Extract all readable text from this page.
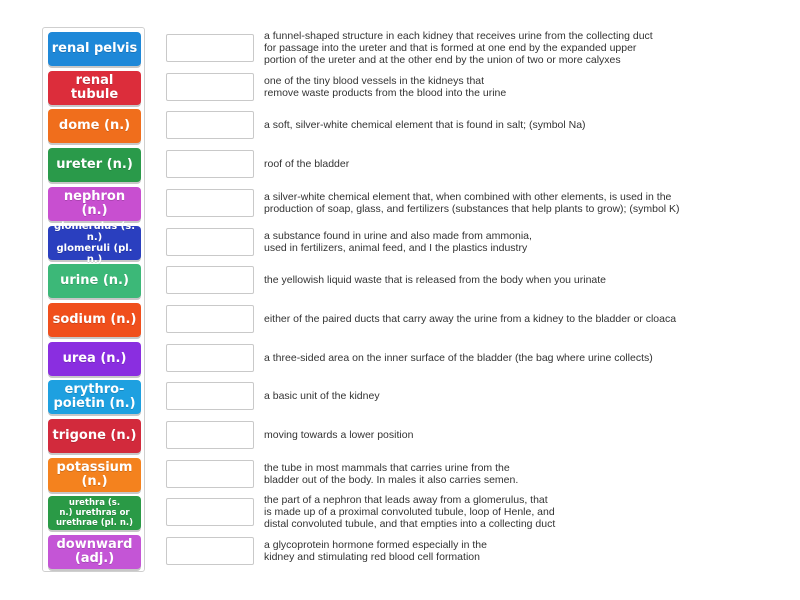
renal pelvis
renal tubule
dome (n.)
ureter (n.)
nephron (n.)
glomerulus (s. n.)
glomeruli (pl. n.)
urine (n.)
sodium (n.)
urea (n.)
erythro-
poietin (n.)
trigone (n.)
potassium
(n.)
urethra (s.
n.) urethras or
urethrae (pl. n.)
downward
(adj.)
a funnel-shaped structure in each kidney that receives urine from the collecting duct
for passage into the ureter and that is formed at one end by the expanded upper
portion of the ureter and at the other end by the union of two or more calyxes
one of the tiny blood vessels in the kidneys that
remove waste products from the blood into the urine
a soft, silver-white chemical element that is found in salt; (symbol Na)
roof of the bladder
a silver-white chemical element that, when combined with other elements, is used in the
production of soap, glass, and fertilizers (substances that help plants to grow); (symbol K)
a substance found in urine and also made from ammonia,
used in fertilizers, animal feed, and I the plastics industry
the yellowish liquid waste that is released from the body when you urinate
either of the paired ducts that carry away the urine from a kidney to the bladder or cloaca
a three-sided area on the inner surface of the bladder (the bag where urine collects)
a basic unit of the kidney
moving towards a lower position
the tube in most mammals that carries urine from the
bladder out of the body. In males it also carries semen.
the part of a nephron that leads away from a glomerulus, that
is made up of a proximal convoluted tubule, loop of Henle, and
distal convoluted tubule, and that empties into a collecting duct
a glycoprotein hormone formed especially in the
kidney and stimulating red blood cell formation
